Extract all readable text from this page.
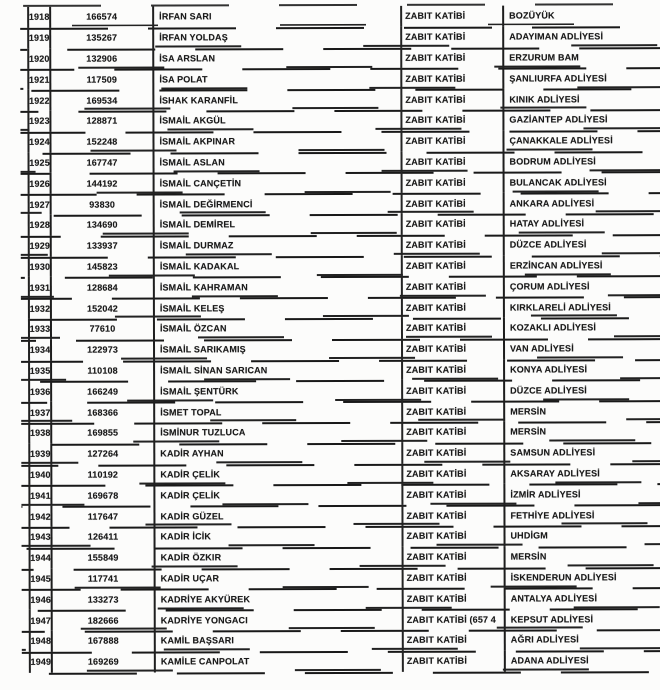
1918	166574	İRFAN SARI	ZABIT KATİBİ	BOZÜYÜK
1919	135267	İRFAN YOLDAŞ	ZABIT KATİBİ	ADAYIMAN ADLİYESİ
1920	132906	İSA ARSLAN	ZABIT KATİBİ	ERZURUM BAM
1921	117509	İSA POLAT	ZABIT KATİBİ	ŞANLIURFA ADLİYESİ
1922	169534	İSHAK KARANFİL	ZABIT KATİBİ	KINIK ADLİYESİ
1923	128871	İSMAİL AKGÜL	ZABIT KATİBİ	GAZİANTEP ADLİYESİ
1924	152248	İSMAİL AKPINAR	ZABIT KATİBİ	ÇANAKKALE ADLİYESİ
1925	167747	İSMAİL ASLAN	ZABIT KATİBİ	BODRUM ADLİYESİ
1926	144192	İSMAİL CANÇETİN	ZABIT KATİBİ	BULANCAK ADLİYESİ
1927	93830	İSMAİL DEĞİRMENCİ	ZABIT KATİBİ	ANKARA ADLİYESİ
1928	134690	İSMAİL DEMİREL	ZABIT KATİBİ	HATAY ADLİYESİ
1929	133937	İSMAİL DURMAZ	ZABIT KATİBİ	DÜZCE ADLİYESİ
1930	145823	İSMAİL KADAKAL	ZABIT KATİBİ	ERZİNCAN ADLİYESİ
1931	128684	İSMAİL KAHRAMAN	ZABIT KATİBİ	ÇORUM ADLİYESİ
1932	152042	İSMAİL KELEŞ	ZABIT KATİBİ	KIRKLARELİ ADLİYESİ
1933	77610	İSMAİL ÖZCAN	ZABIT KATİBİ	KOZAKLI ADLİYESİ
1934	122973	İSMAİL SARIKAMIŞ	ZABIT KATİBİ	VAN ADLİYESİ
1935	110108	İSMAİL SİNAN SARICAN	ZABIT KATİBİ	KONYA ADLİYESİ
1936	166249	İSMAİL ŞENTÜRK	ZABIT KATİBİ	DÜZCE ADLİYESİ
1937	168366	İSMET TOPAL	ZABIT KATİBİ	MERSİN
1938	169855	İSMİNUR TUZLUCA	ZABIT KATİBİ	MERSİN
1939	127264	KADİR AYHAN	ZABIT KATİBİ	SAMSUN ADLİYESİ
1940	110192	KADİR ÇELİK	ZABIT KATİBİ	AKSARAY ADLİYESİ
1941	169678	KADİR ÇELİK	ZABIT KATİBİ	İZMİR ADLİYESİ
1942	117647	KADİR GÜZEL	ZABIT KATİBİ	FETHİYE ADLİYESİ
1943	126411	KADİR İCİK	ZABIT KATİBİ	UHDİGM
1944	155849	KADİR ÖZKIR	ZABIT KATİBİ	MERSİN
1945	117741	KADİR UÇAR	ZABIT KATİBİ	İSKENDERUN ADLİYESİ
1946	133273	KADRİYE AKYÜREK	ZABIT KATİBİ	ANTALYA ADLİYESİ
1947	182666	KADRİYE YONGACI	ZABIT KATİBİ (657 4	KEPSUT ADLİYESİ
1948	167888	KAMİL BAŞSARI	ZABIT KATİBİ	AĞRI ADLİYESİ
1949	169269	KAMİLE CANPOLAT	ZABIT KATİBİ	ADANA ADLİYESİ
